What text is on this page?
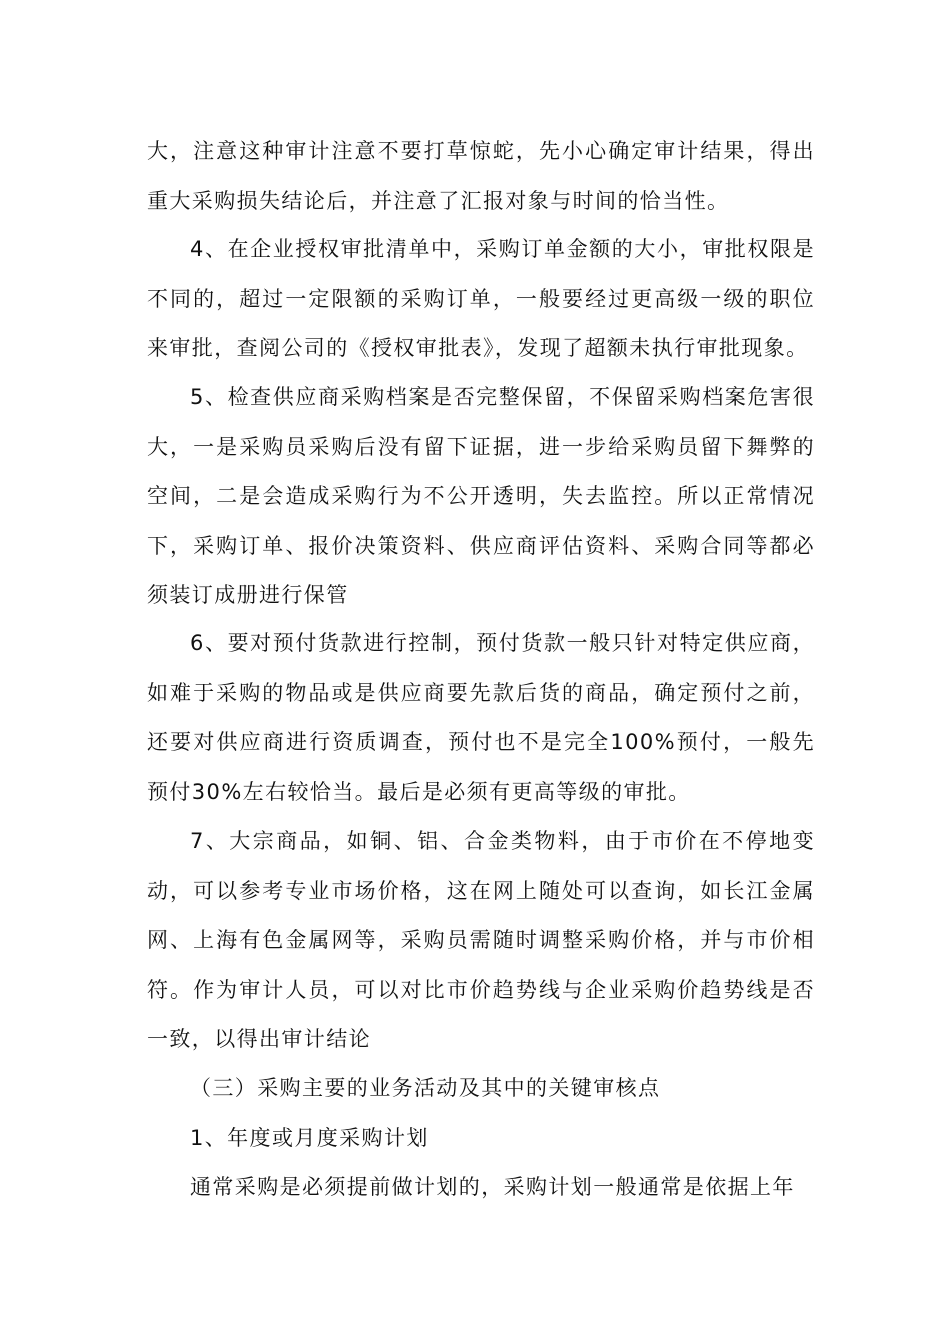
大，注意这种审计注意不要打草惊蛇，先小心确定审计结果，得出重大采购损失结论后，并注意了汇报对象与时间的恰当性。

4、在企业授权审批清单中，采购订单金额的大小，审批权限是不同的，超过一定限额的采购订单，一般要经过更高级一级的职位来审批，查阅公司的《授权审批表》，发现了超额未执行审批现象。

5、检查供应商采购档案是否完整保留，不保留采购档案危害很大，一是采购员采购后没有留下证据，进一步给采购员留下舞弊的空间，二是会造成采购行为不公开透明，失去监控。所以正常情况下，采购订单、报价决策资料、供应商评估资料、采购合同等都必须装订成册进行保管

6、要对预付货款进行控制，预付货款一般只针对特定供应商，如难于采购的物品或是供应商要先款后货的商品，确定预付之前，还要对供应商进行资质调查，预付也不是完全100%预付，一般先预付30%左右较恰当。最后是必须有更高等级的审批。

7、大宗商品，如铜、铝、合金类物料，由于市价在不停地变动，可以参考专业市场价格，这在网上随处可以查询，如长江金属网、上海有色金属网等，采购员需随时调整采购价格，并与市价相符。作为审计人员，可以对比市价趋势线与企业采购价趋势线是否一致，以得出审计结论

（三）采购主要的业务活动及其中的关键审核点

1、年度或月度采购计划

通常采购是必须提前做计划的，采购计划一般通常是依据上年
